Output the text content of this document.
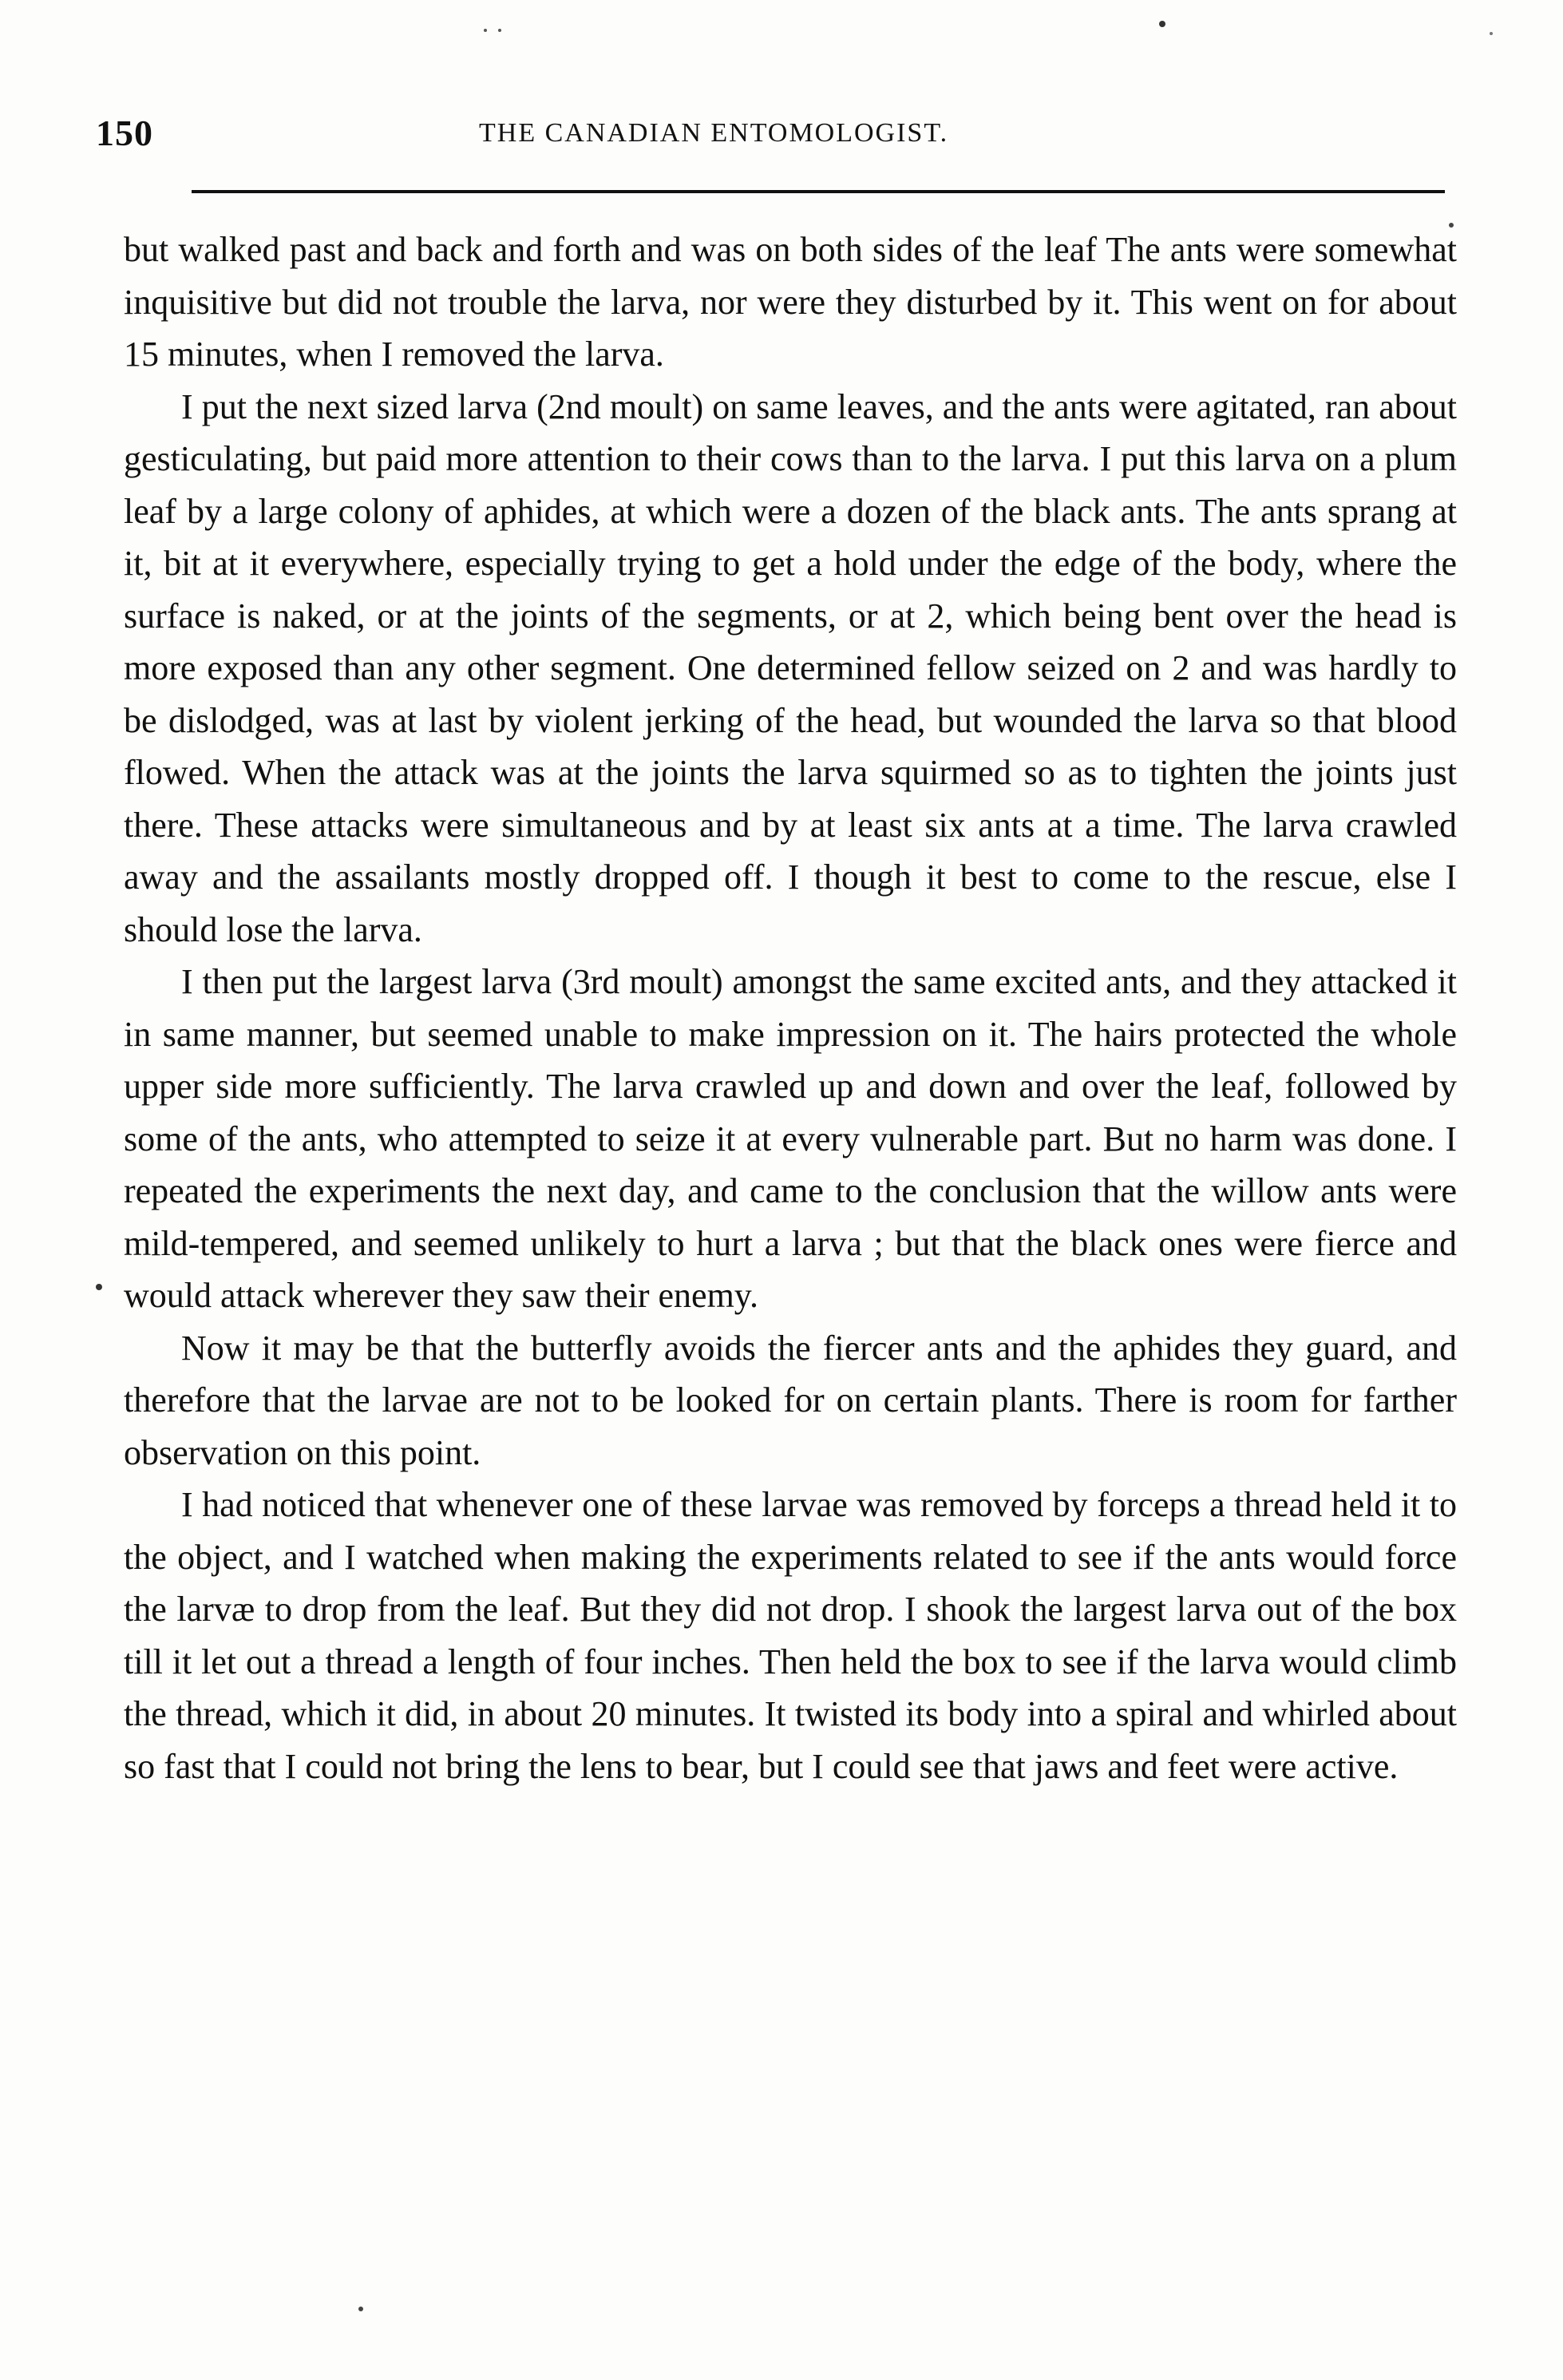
150	THE CANADIAN ENTOMOLOGIST.

but walked past and back and forth and was on both sides of the leaf The ants were somewhat inquisitive but did not trouble the larva, nor were they disturbed by it. This went on for about 15 minutes, when I removed the larva.

I put the next sized larva (2nd moult) on same leaves, and the ants were agitated, ran about gesticulating, but paid more attention to their cows than to the larva. I put this larva on a plum leaf by a large colony of aphides, at which were a dozen of the black ants. The ants sprang at it, bit at it everywhere, especially trying to get a hold under the edge of the body, where the surface is naked, or at the joints of the segments, or at 2, which being bent over the head is more exposed than any other segment. One determined fellow seized on 2 and was hardly to be dislodged, was at last by violent jerking of the head, but wounded the larva so that blood flowed. When the attack was at the joints the larva squirmed so as to tighten the joints just there. These attacks were simultaneous and by at least six ants at a time. The larva crawled away and the assailants mostly dropped off. I though it best to come to the rescue, else I should lose the larva.

I then put the largest larva (3rd moult) amongst the same excited ants, and they attacked it in same manner, but seemed unable to make impression on it. The hairs protected the whole upper side more sufficiently. The larva crawled up and down and over the leaf, followed by some of the ants, who attempted to seize it at every vulnerable part. But no harm was done. I repeated the experiments the next day, and came to the conclusion that the willow ants were mild-tempered, and seemed unlikely to hurt a larva ; but that the black ones were fierce and would attack wherever they saw their enemy.

Now it may be that the butterfly avoids the fiercer ants and the aphides they guard, and therefore that the larvae are not to be looked for on certain plants. There is room for farther observation on this point.

I had noticed that whenever one of these larvae was removed by forceps a thread held it to the object, and I watched when making the experiments related to see if the ants would force the larvæ to drop from the leaf. But they did not drop. I shook the largest larva out of the box till it let out a thread a length of four inches. Then held the box to see if the larva would climb the thread, which it did, in about 20 minutes. It twisted its body into a spiral and whirled about so fast that I could not bring the lens to bear, but I could see that jaws and feet were active.
